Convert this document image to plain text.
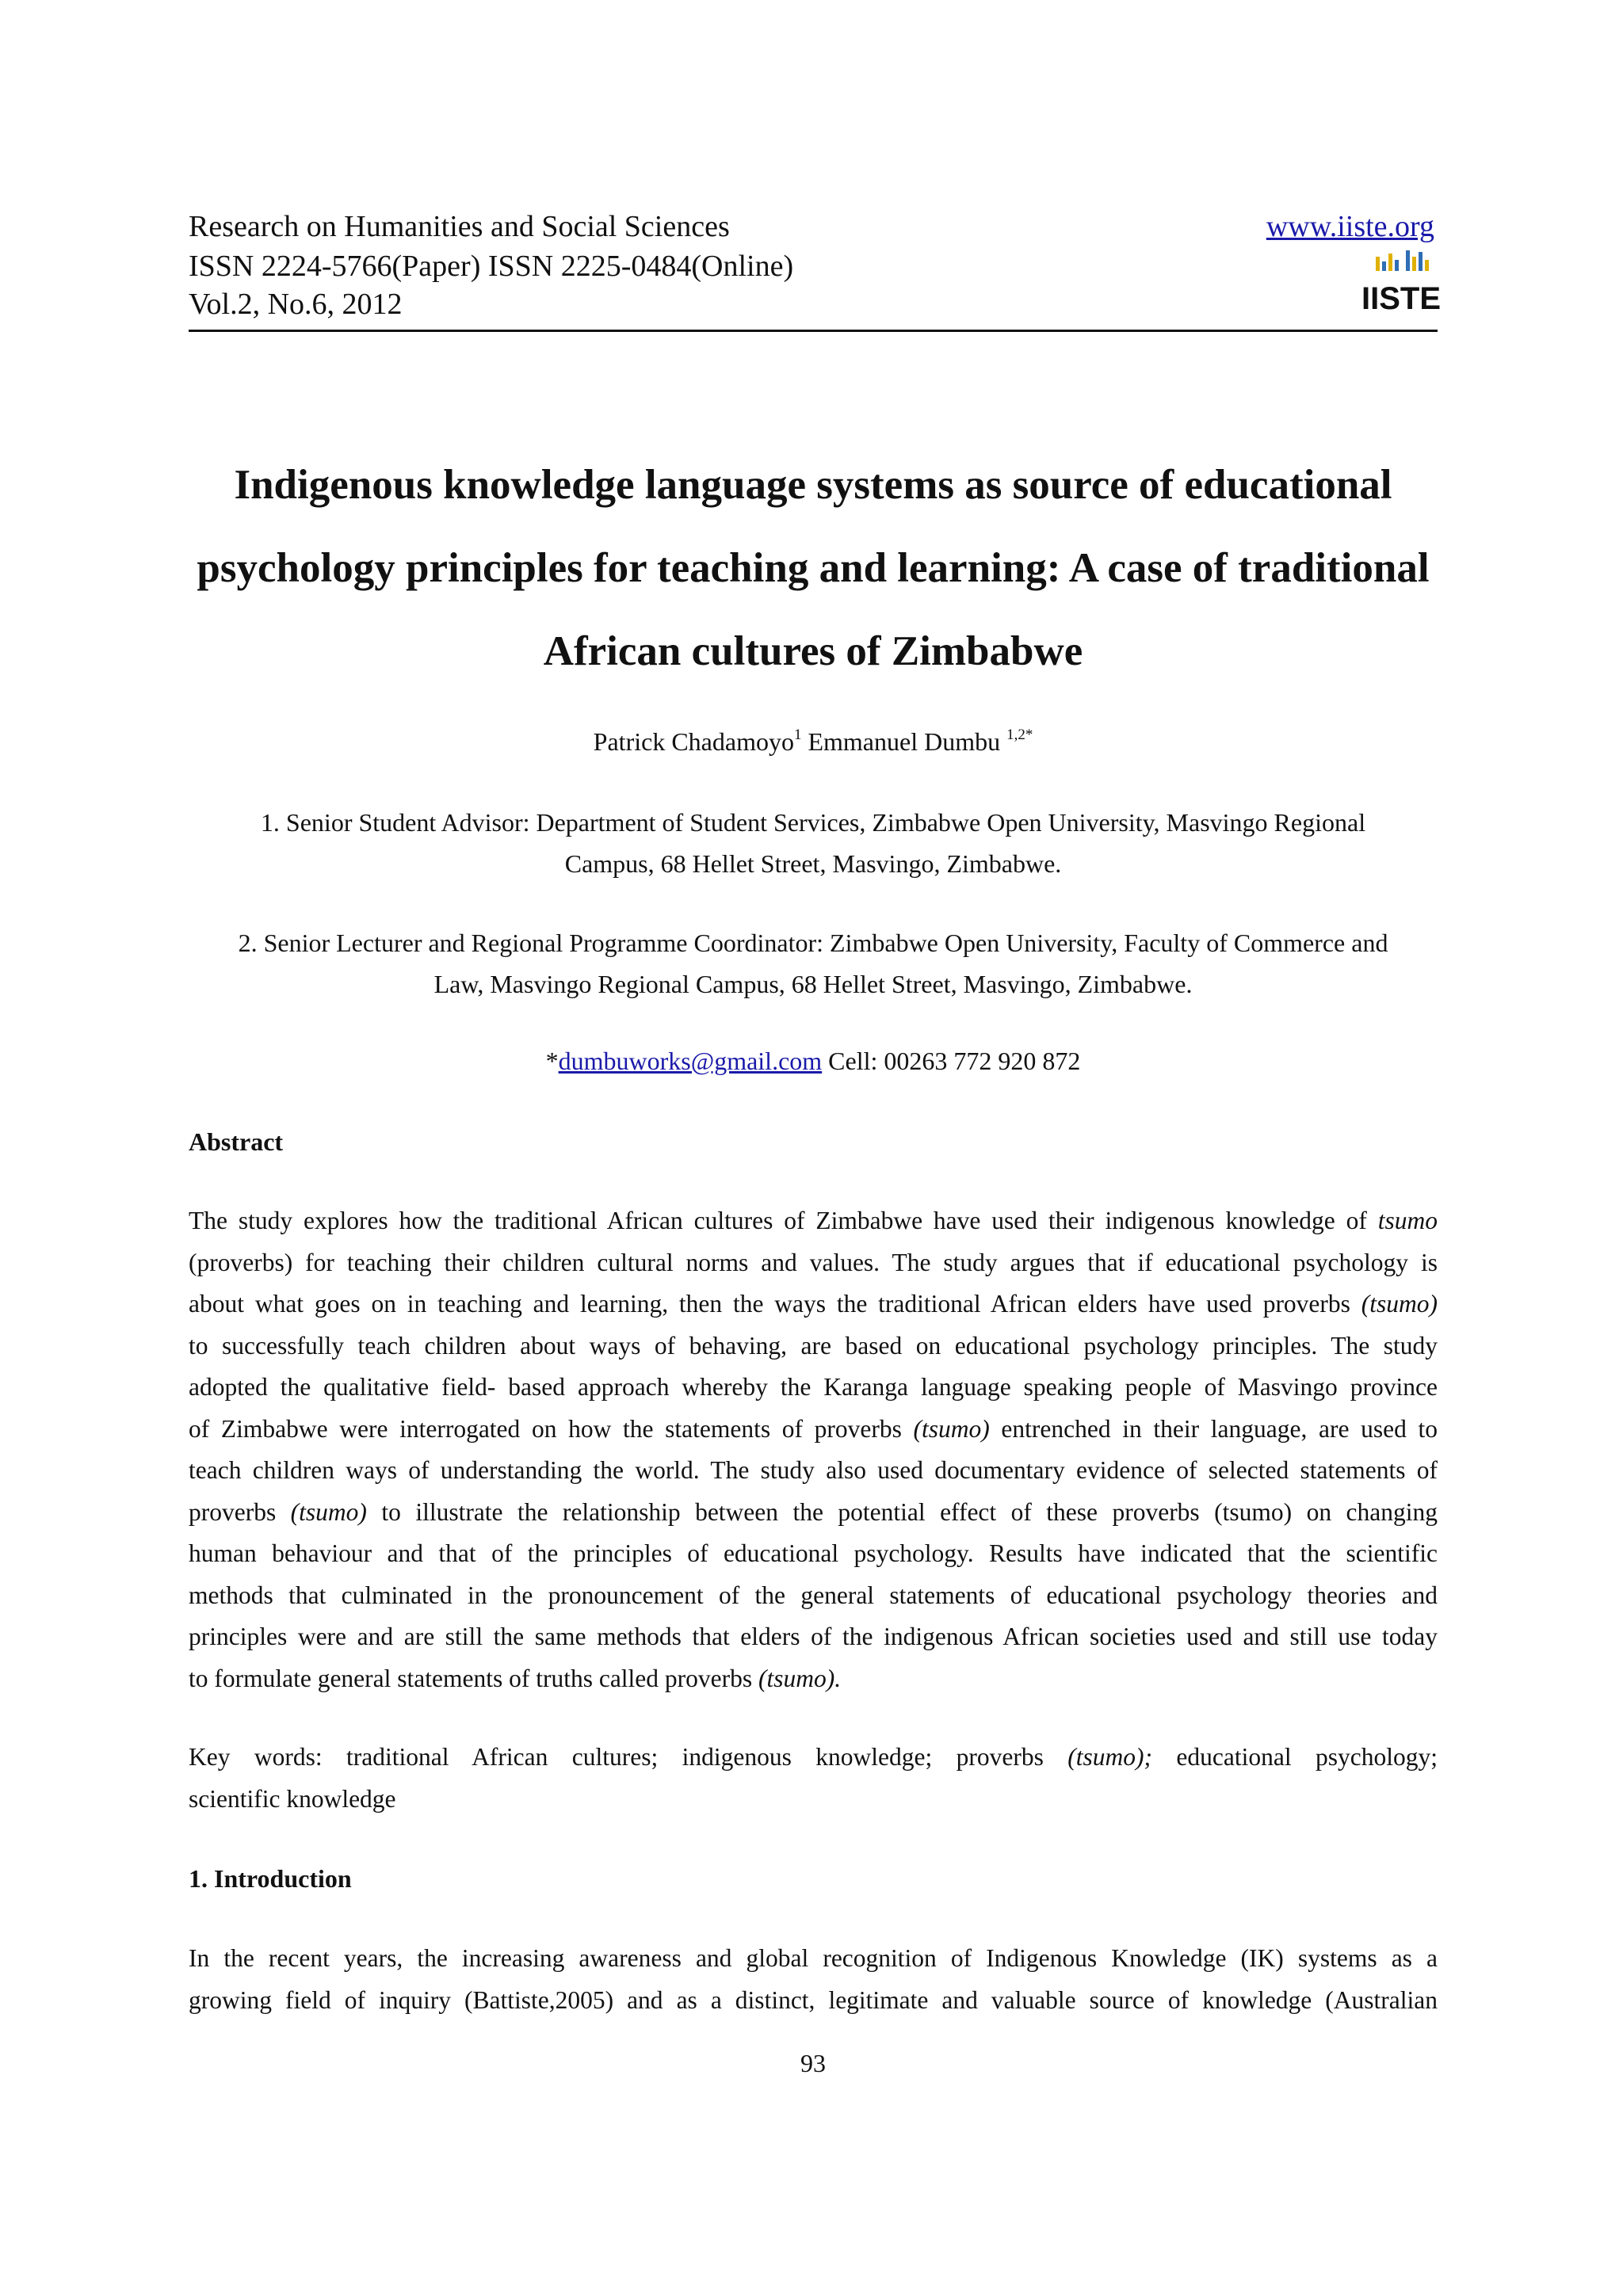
Research on Humanities and Social Sciences
ISSN 2224-5766(Paper) ISSN 2225-0484(Online)
Vol.2, No.6, 2012
www.iiste.org
IISTE
Indigenous knowledge language systems as source of educational
psychology principles for teaching and learning: A case of traditional
African cultures of Zimbabwe
Patrick Chadamoyo$^1$ Emmanuel Dumbu $^{1,2*}$
1. Senior Student Advisor: Department of Student Services, Zimbabwe Open University, Masvingo Regional
Campus, 68 Hellet Street, Masvingo, Zimbabwe.
2. Senior Lecturer and Regional Programme Coordinator: Zimbabwe Open University, Faculty of Commerce and
Law, Masvingo Regional Campus, 68 Hellet Street, Masvingo, Zimbabwe.
*dumbuworks@gmail.com Cell: 00263 772 920 872
Abstract
The study explores how the traditional African cultures of Zimbabwe have used their indigenous knowledge of tsumo
(proverbs) for teaching their children cultural norms and values. The study argues that if educational psychology is
about what goes on in teaching and learning, then the ways the traditional African elders have used proverbs (tsumo)
to successfully teach children about ways of behaving, are based on educational psychology principles. The study
adopted the qualitative field- based approach whereby the Karanga language speaking people of Masvingo province
of Zimbabwe were interrogated on how the statements of proverbs (tsumo) entrenched in their language, are used to
teach children ways of understanding the world. The study also used documentary evidence of selected statements of
proverbs (tsumo) to illustrate the relationship between the potential effect of these proverbs (tsumo) on changing
human behaviour and that of the principles of educational psychology. Results have indicated that the scientific
methods that culminated in the pronouncement of the general statements of educational psychology theories and
principles were and are still the same methods that elders of the indigenous African societies used and still use today
to formulate general statements of truths called proverbs (tsumo).
Key words: traditional African cultures; indigenous knowledge; proverbs (tsumo); educational psychology;
scientific knowledge
1. Introduction
In the recent years, the increasing awareness and global recognition of Indigenous Knowledge (IK) systems as a
growing field of inquiry (Battiste,2005) and as a distinct, legitimate and valuable source of knowledge (Australian
93
